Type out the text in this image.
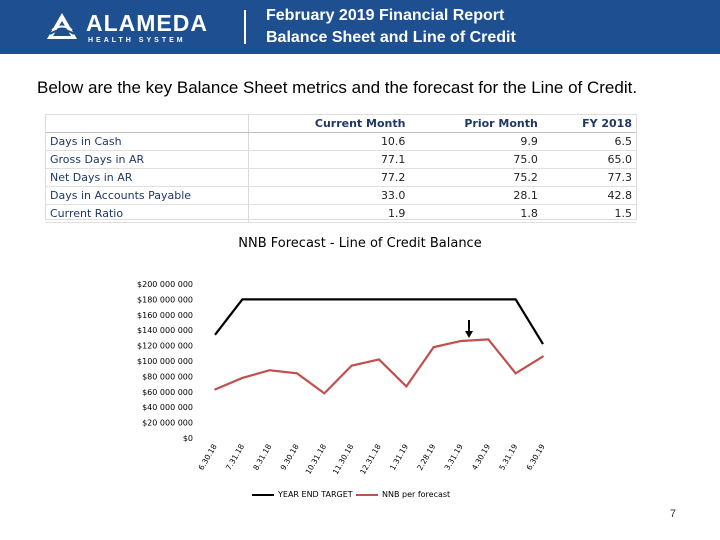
ALAMEDA
HEALTH SYSTEM
February 2019 Financial Report
Balance Sheet and Line of Credit
Below are the key Balance Sheet metrics and the forecast for the Line of Credit.
		Current Month	Prior Month	FY 2018
Days in Cash		10.6	9.9	6.5
Gross Days in AR		77.1	75.0	65.0
Net Days in AR		77.2	75.2	77.3
Days in Accounts Payable		33.0	28.1	42.8
Current Ratio		1.9	1.8	1.5
NNB Forecast - Line of Credit Balance
$0
$20 000 000
$40 000 000
$60 000 000
$80 000 000
$100 000 000
$120 000 000
$140 000 000
$160 000 000
$180 000 000
$200 000 000
6.30.18 7.31.18 8.31.18 9.30.18 10.31.18 11.30.18 12.31.18 1.31.19 2.28.19 3.31.19 4.30.19 5.31.19 6.30.19
YEAR END TARGET	NNB per forecast
7
